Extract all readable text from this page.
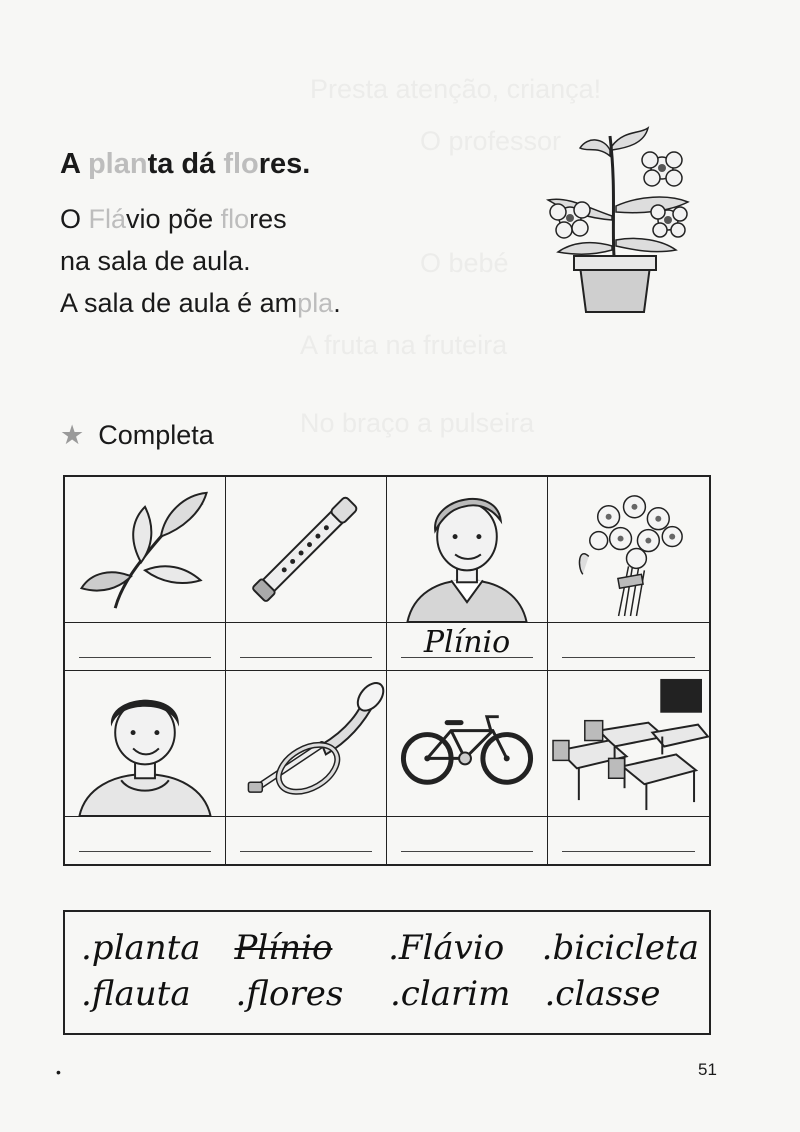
Presta atenção, criança!
O professor
O bebé
A fruta na fruteira
No braço a pulseira
A planta dá flores.
O Flávio põe flores
na sala de aula.
A sala de aula é ampla.
★ Completa
Plínio
.planta Plínio	.Flávio	.bicicleta
.flauta	.flores	.clarim	.classe
•	51
